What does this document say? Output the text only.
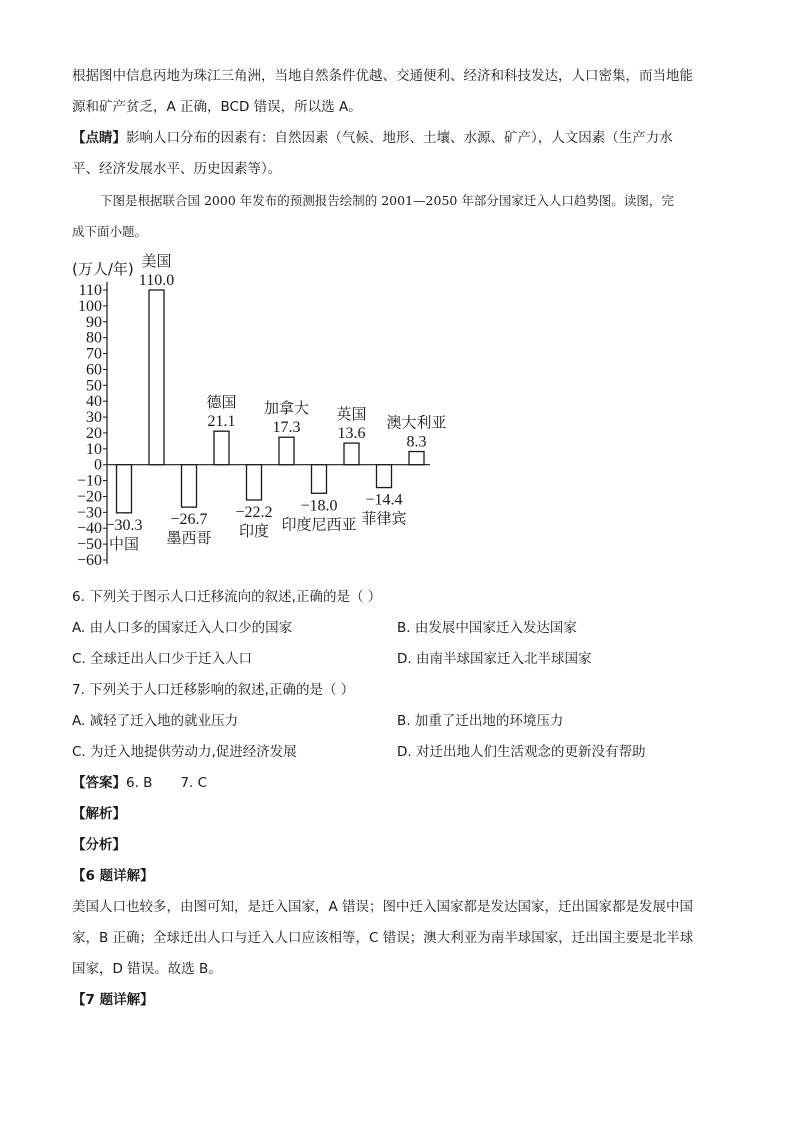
根据图中信息丙地为珠江三角洲，当地自然条件优越、交通便利、经济和科技发达，人口密集，而当地能
源和矿产贫乏，A 正确，BCD 错误，所以选 A。
【点睛】影响人口分布的因素有：自然因素（气候、地形、土壤、水源、矿产），人文因素（生产力水
平、经济发展水平、历史因素等）。
下图是根据联合国 2000 年发布的预测报告绘制的 2001—2050 年部分国家迁入人口趋势图。读图，完
成下面小题。
(万人/年)
110
100
90
80
70
60
50
40
30
20
10
0
−10
−20
−30
−40
−50
−60
−30.3
中国
110.0
美国
−26.7
墨西哥
21.1
德国
−22.2
印度
17.3
加拿大
−18.0
印度尼西亚
13.6
英国
−14.4
菲律宾
8.3
澳大利亚
6. 下列关于图示人口迁移流向的叙述,正确的是（ ）
A. 由人口多的国家迁入人口少的国家	B. 由发展中国家迁入发达国家
C. 全球迁出人口少于迁入人口	D. 由南半球国家迁入北半球国家
7. 下列关于人口迁移影响的叙述,正确的是（ ）
A. 减轻了迁入地的就业压力	B. 加重了迁出地的环境压力
C. 为迁入地提供劳动力,促进经济发展	D. 对迁出地人们生活观念的更新没有帮助
【答案】6. B 7. C
【解析】
【分析】
【6 题详解】
美国人口也较多，由图可知，是迁入国家，A 错误；图中迁入国家都是发达国家，迁出国家都是发展中国
家，B 正确；全球迁出人口与迁入人口应该相等，C 错误；澳大利亚为南半球国家，迁出国主要是北半球
国家，D 错误。故选 B。
【7 题详解】
